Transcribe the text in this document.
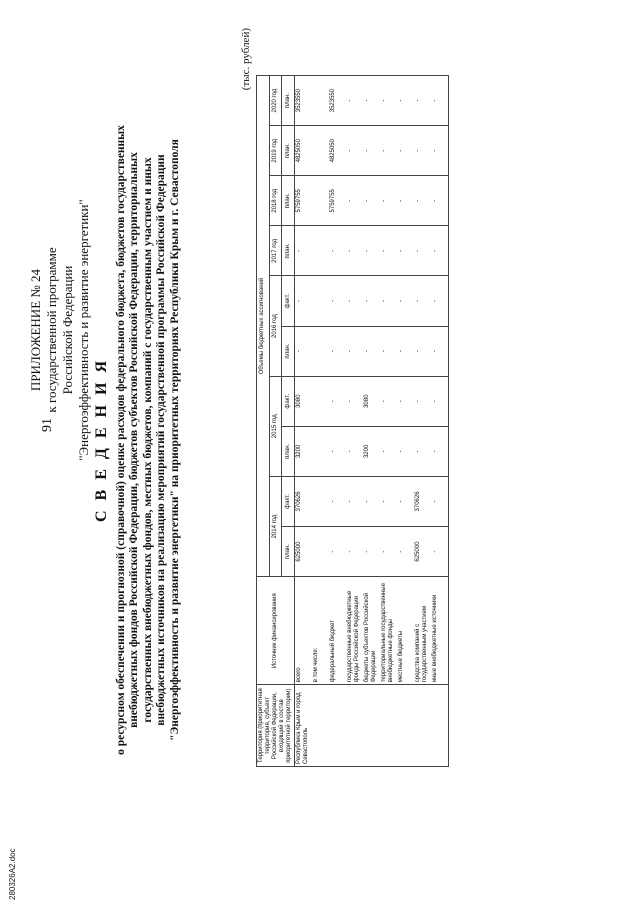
91
280326A2.doc
ПРИЛОЖЕНИЕ № 24 к государственной программе Российской Федерации "Энергоэффективность и развитие энергетики" С В Е Д Е Н И Я о ресурсном обеспечении и прогнозной (справочной) оценке расходов федерального бюджета, бюджетов государственных внебюджетных фондов Российской Федерации, бюджетов субъектов Российской Федерации, территориальных государственных внебюджетных фондов, местных бюджетов, компаний с государственным участием и иных внебюджетных источников на реализацию мероприятий государственной программы Российской Федерации "Энергоэффективность и развитие энергетики" на приоритетных территориях Республики Крым и г. Севастополя
(тыс. рублей)
Территория (приоритетная территория, субъект Российской Федерации, входящий в состав приоритетной территории)	Источник финансирования	Объемы бюджетных ассигнований									
		2014 год		2015 год		2016 год		2017 год	2018 год	2019 год	2020 год
		план.	факт.	план.	факт.	план.	факт.	план.	план.	план.	план.
Республика Крым и город Севастополь	всего	625000	370626	3200	3080	-	-	-	5759755	4825050	3523550
	в том числе:										
	федеральный бюджет	-	-	-	-	-	-	-	5759755	4825050	3523550
	государственные внебюджетные фонды Российской Федерации	-	-	-	-	-	-	-	-	-	-
	бюджеты субъектов Российской Федерации	-	-	3200	3080	-	-	-	-	-	-
	территориальные государственные внебюджетные фонды	-	-	-	-	-	-	-	-	-	-
	местные бюджеты	-	-	-	-	-	-	-	-	-	-
	средства компаний с государственным участием	625000	370626	-	-	-	-	-	-	-	-
	иные внебюджетные источники	-	-	-	-	-	-	-	-	-	-
